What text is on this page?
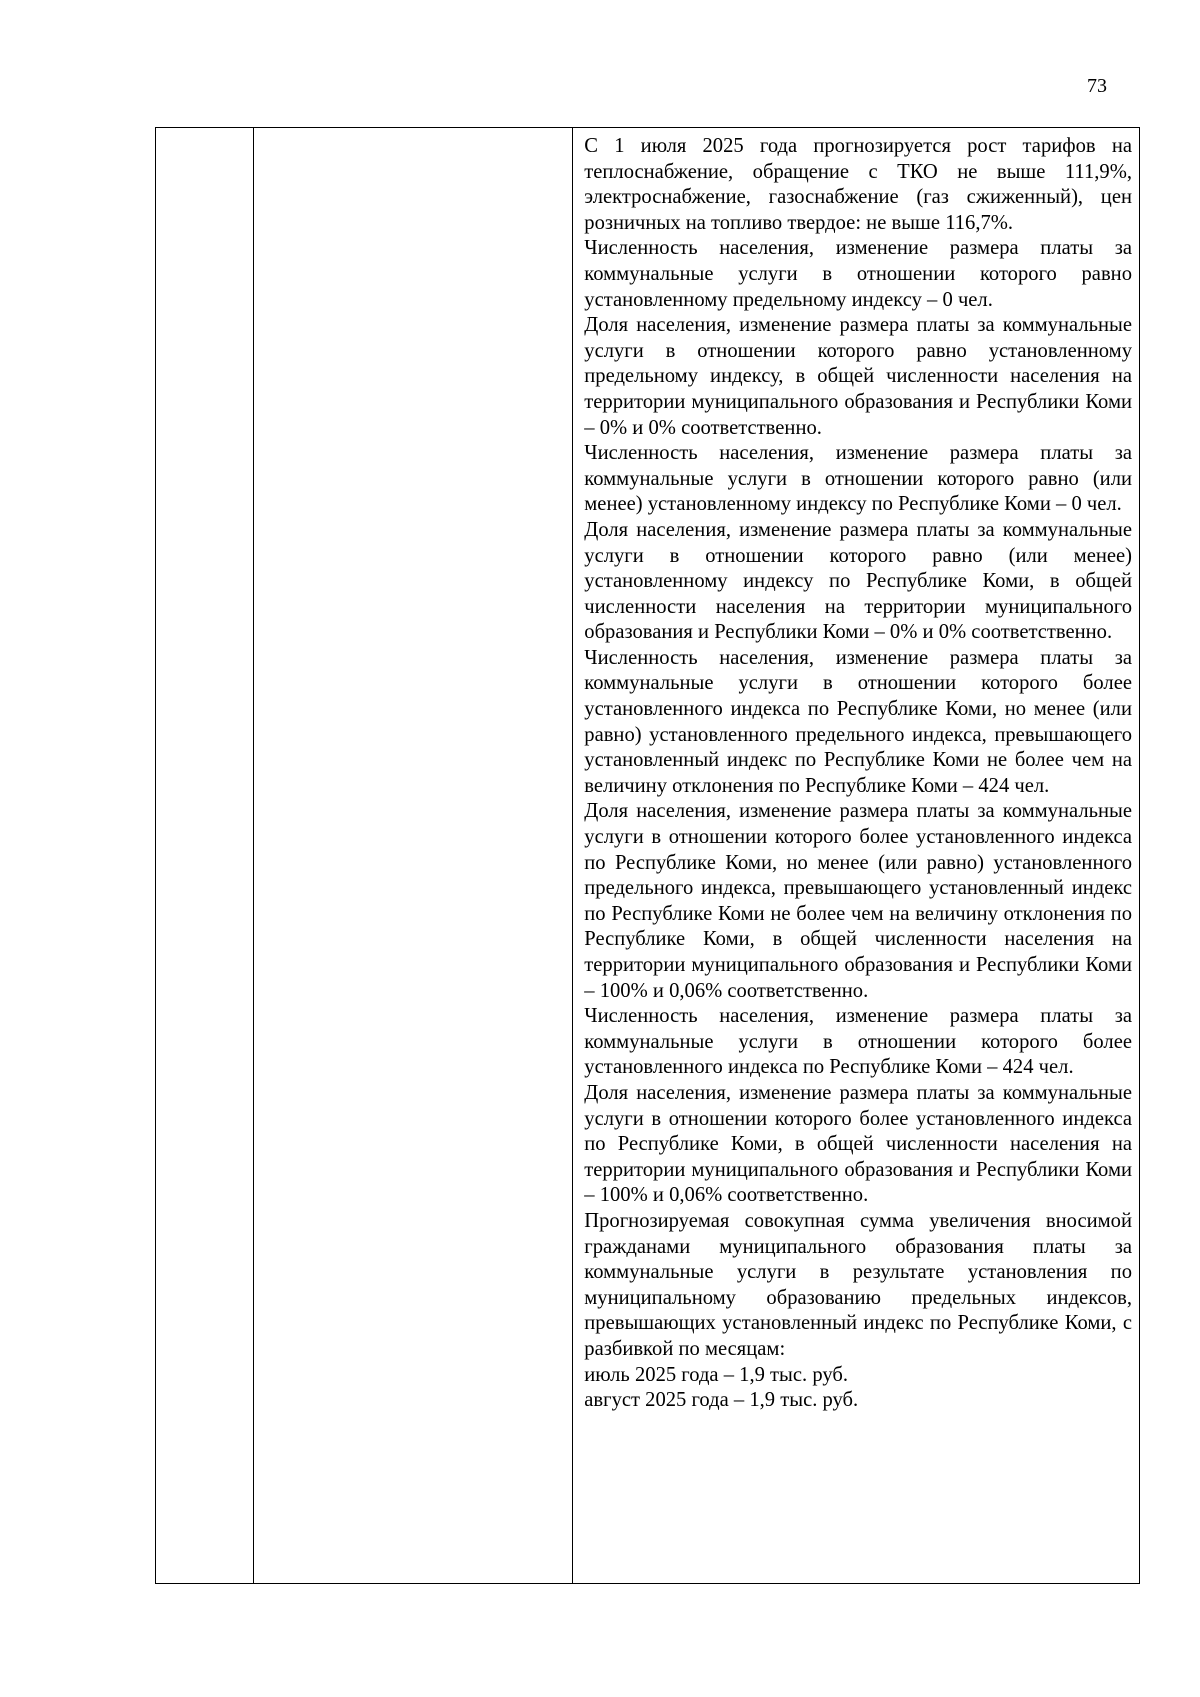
73

С 1 июля 2025 года прогнозируется рост тарифов на теплоснабжение, обращение с ТКО не выше 111,9%, электроснабжение, газоснабжение (газ сжиженный), цен розничных на топливо твердое: не выше 116,7%.

Численность населения, изменение размера платы за коммунальные услуги в отношении которого равно установленному предельному индексу – 0 чел.

Доля населения, изменение размера платы за коммунальные услуги в отношении которого равно установленному предельному индексу, в общей численности населения на территории муниципального образования и Республики Коми – 0% и 0% соответственно.

Численность населения, изменение размера платы за коммунальные услуги в отношении которого равно (или менее) установленному индексу по Республике Коми – 0 чел.

Доля населения, изменение размера платы за коммунальные услуги в отношении которого равно (или менее) установленному индексу по Республике Коми, в общей численности населения на территории муниципального образования и Республики Коми – 0% и 0% соответственно.

Численность населения, изменение размера платы за коммунальные услуги в отношении которого более установленного индекса по Республике Коми, но менее (или равно) установленного предельного индекса, превышающего установленный индекс по Республике Коми не более чем на величину отклонения по Республике Коми – 424 чел.

Доля населения, изменение размера платы за коммунальные услуги в отношении которого более установленного индекса по Республике Коми, но менее (или равно) установленного предельного индекса, превышающего установленный индекс по Республике Коми не более чем на величину отклонения по Республике Коми, в общей численности населения на территории муниципального образования и Республики Коми – 100% и 0,06% соответственно.

Численность населения, изменение размера платы за коммунальные услуги в отношении которого более установленного индекса по Республике Коми – 424 чел.

Доля населения, изменение размера платы за коммунальные услуги в отношении которого более установленного индекса по Республике Коми, в общей численности населения на территории муниципального образования и Республики Коми – 100% и 0,06% соответственно.

Прогнозируемая совокупная сумма увеличения вносимой гражданами муниципального образования платы за коммунальные услуги в результате установления по муниципальному образованию предельных индексов, превышающих установленный индекс по Республике Коми, с разбивкой по месяцам:

июль 2025 года – 1,9 тыс. руб.

август 2025 года – 1,9 тыс. руб.
